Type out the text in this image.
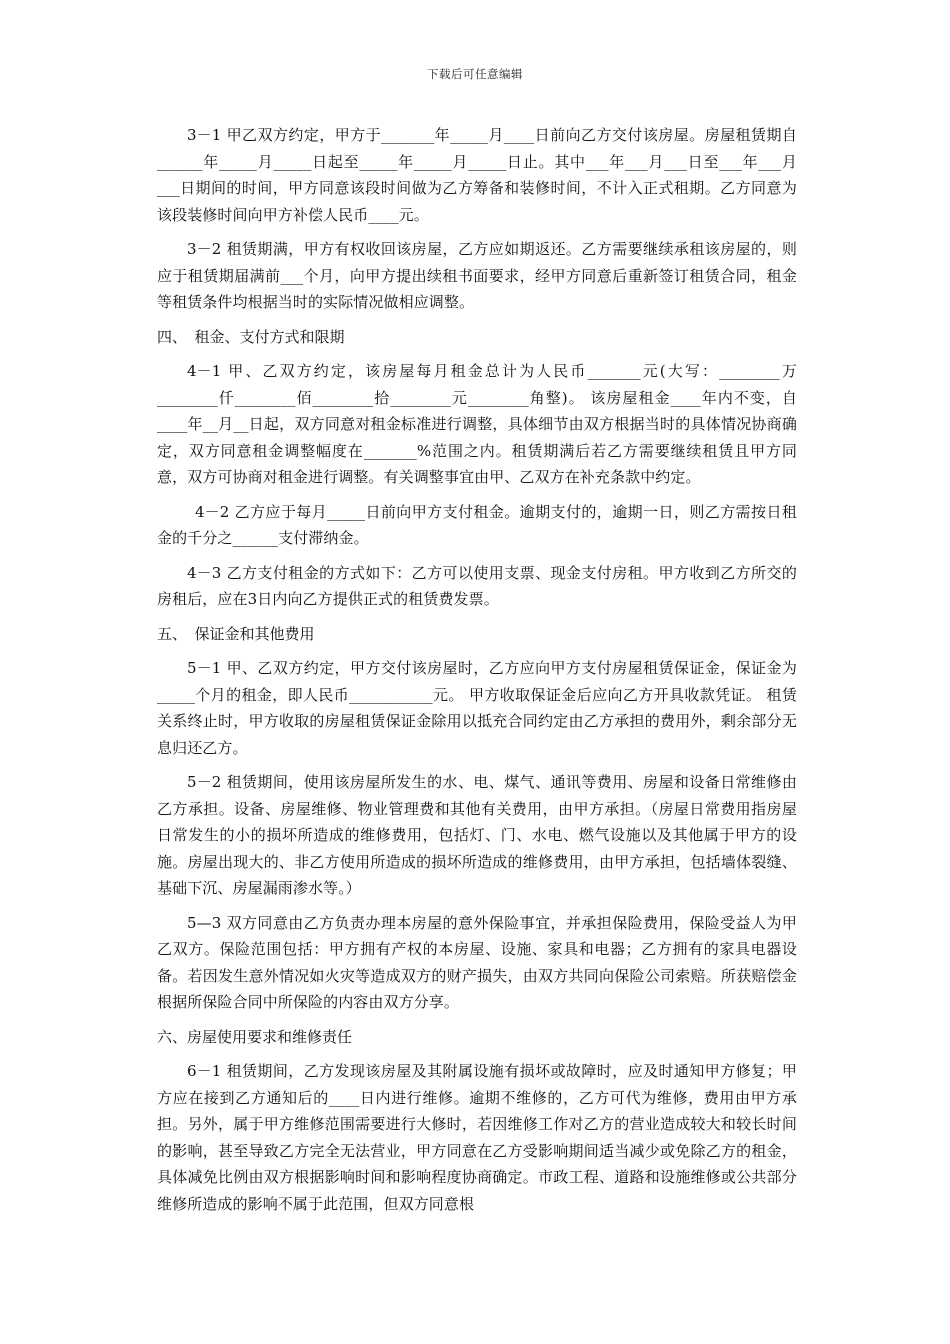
下载后可任意编辑

3－1 甲乙双方约定，甲方于_______年_____月____日前向乙方交付该房屋。房屋租赁期自______年_____月_____日起至_____年_____月_____日止。其中___年___月___日至___年___月___日期间的时间，甲方同意该段时间做为乙方筹备和装修时间，不计入正式租期。乙方同意为该段装修时间向甲方补偿人民币____元。

3－2 租赁期满，甲方有权收回该房屋，乙方应如期返还。乙方需要继续承租该房屋的，则应于租赁期届满前___个月，向甲方提出续租书面要求，经甲方同意后重新签订租赁合同，租金等租赁条件均根据当时的实际情况做相应调整。

四、　租金、支付方式和限期

4－1 甲、乙双方约定，该房屋每月租金总计为人民币_______元(大写：________万________仟________佰________拾________元________角整)。 该房屋租金____年内不变，自____年__月__日起，双方同意对租金标准进行调整，具体细节由双方根据当时的具体情况协商确定，双方同意租金调整幅度在_______%范围之内。租赁期满后若乙方需要继续租赁且甲方同意，双方可协商对租金进行调整。有关调整事宜由甲、乙双方在补充条款中约定。

4－2 乙方应于每月_____日前向甲方支付租金。逾期支付的，逾期一日，则乙方需按日租金的千分之______支付滞纳金。

4－3 乙方支付租金的方式如下：乙方可以使用支票、现金支付房租。甲方收到乙方所交的房租后，应在3日内向乙方提供正式的租赁费发票。

五、　保证金和其他费用

5－1 甲、乙双方约定，甲方交付该房屋时，乙方应向甲方支付房屋租赁保证金，保证金为_____个月的租金，即人民币___________元。 甲方收取保证金后应向乙方开具收款凭证。 租赁关系终止时，甲方收取的房屋租赁保证金除用以抵充合同约定由乙方承担的费用外，剩余部分无息归还乙方。

5－2 租赁期间，使用该房屋所发生的水、电、煤气、通讯等费用、房屋和设备日常维修由乙方承担。设备、房屋维修、物业管理费和其他有关费用，由甲方承担。（房屋日常费用指房屋日常发生的小的损坏所造成的维修费用，包括灯、门、水电、燃气设施以及其他属于甲方的设施。房屋出现大的、非乙方使用所造成的损坏所造成的维修费用，由甲方承担，包括墙体裂缝、基础下沉、房屋漏雨渗水等。）

5—3 双方同意由乙方负责办理本房屋的意外保险事宜，并承担保险费用，保险受益人为甲乙双方。保险范围包括：甲方拥有产权的本房屋、设施、家具和电器；乙方拥有的家具电器设备。若因发生意外情况如火灾等造成双方的财产损失，由双方共同向保险公司索赔。所获赔偿金根据所保险合同中所保险的内容由双方分享。

六、房屋使用要求和维修责任

6－1 租赁期间，乙方发现该房屋及其附属设施有损坏或故障时，应及时通知甲方修复；甲方应在接到乙方通知后的____日内进行维修。逾期不维修的，乙方可代为维修，费用由甲方承担。另外，属于甲方维修范围需要进行大修时，若因维修工作对乙方的营业造成较大和较长时间的影响，甚至导致乙方完全无法营业，甲方同意在乙方受影响期间适当减少或免除乙方的租金，具体减免比例由双方根据影响时间和影响程度协商确定。市政工程、道路和设施维修或公共部分维修所造成的影响不属于此范围，但双方同意根
